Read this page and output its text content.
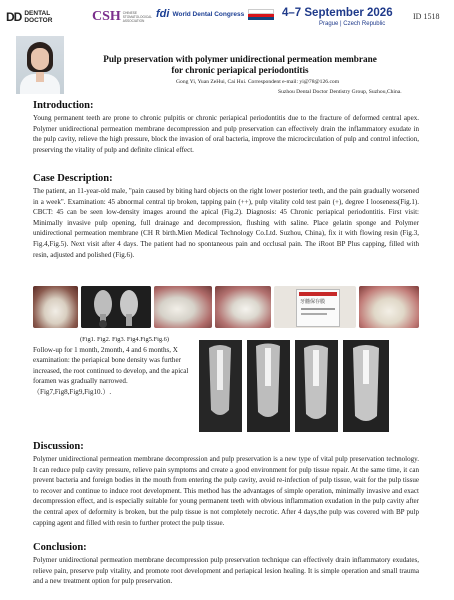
DD DENTAL DOCTOR	CSH CHINESE STOMATOLOGICAL ASSOCIATION
fdi World Dental Congress	4–7 September 2026
Prague | Czech Republic
ID 1518
Pulp preservation with polymer unidirectional permeation membrane
for chronic periapical periodontitis
Gong Yi, Yuan ZeHui, Cai Hui. Correspondent e-mail: yi@78@126.com
Suzhou Dental Doctor Dentistry Group, Suzhou,China.
Introduction:
Young permanent teeth are prone to chronic pulpitis or chronic periapical periodontitis due to the fracture of deformed central apex. Polymer unidirectional permeation membrane decompression and pulp preservation can effectively drain the inflammatory exudate in the pulp cavity, relieve the high pressure, block the invasion of oral bacteria, improve the microcirculation of pulp and control infection, preserving the vitality of pulp and definite clinical effect.
Case Description:
The patient, an 11-year-old male, "pain caused by biting hard objects on the right lower posterior teeth, and the pain gradually worsened in a week". Examination: 45 abnormal central tip broken, tapping pain (++), pulp vitality cold test pain (+), degree I looseness(Fig.1). CBCT: 45 can be seen low-density images around the apical (Fig.2). Diagnosis: 45 Chronic periapical periodontitis. First visit: Minimally invasive pulp opening, full drainage and decompression, flushing with saline. Place gelatin sponge and Polymer unidirectional permeation membrane (CH R birth.Mien Medical Technology Co.Ltd. Suzhou, China), fix it with flowing resin (Fig.3, Fig.4,Fig.5). Next visit after 4 days. The patient had no spontaneous pain and occlusal pain. The iRoot BP Plus capping, filled with resin, adjusted and polished (Fig.6).
牙髓保存膜
(Fig1. Fig2. Fig3. Fig4.Fig5.Fig.6)
Follow-up for 1 month, 2month, 4 and 6 months, X examination: the periapical bone density was further increased, the root continued to develop, and the apical foramen was gradually narrowed.（Fig7,Fig8,Fig9,Fig10.）.
Discussion:
Polymer unidirectional permeation membrane decompression and pulp preservation is a new type of vital pulp preservation technology. It can reduce pulp cavity pressure, relieve pain symptoms and create a good environment for pulp tissue repair. At the same time, it can prevent bacteria and foreign bodies in the mouth from entering the pulp cavity, avoid re-infection of pulp tissue, wait for the pulp tissue to recover and continue to induce root development. This method has the advantages of simple operation, minimally invasive and exact decompression effect, and is especially suitable for young permanent teeth with obvious inflammation exudation in the pulp cavity after the central apex of deformity is broken, but the pulp tissue is not completely necrotic. After 4 days,the pulp was covered with BP pulp capping agent and filled with resin to further protect the pulp tissue.
Conclusion:
Polymer unidirectional permeation membrane decompression pulp preservation technique can effectively drain inflammatory exudates, relieve pain, preserve pulp vitality, and promote root development and periapical lesion healing. It is simple operation and small trauma and a new treatment option for pulp preservation.
